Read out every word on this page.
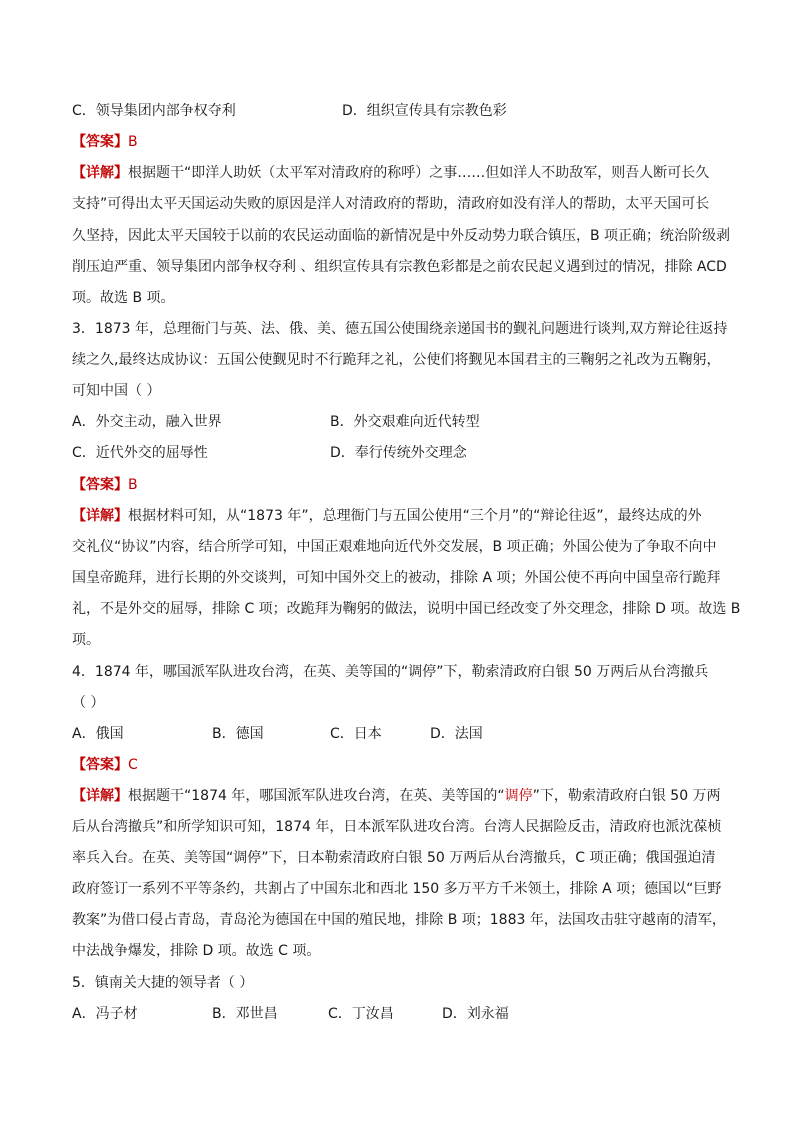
C．领导集团内部争权夺利	D．组织宣传具有宗教色彩
【答案】B
【详解】根据题干“即洋人助妖（太平军对清政府的称呼）之事……但如洋人不助敌军，则吾人断可长久
支持”可得出太平天国运动失败的原因是洋人对清政府的帮助，清政府如没有洋人的帮助，太平天国可长
久坚持，因此太平天国较于以前的农民运动面临的新情况是中外反动势力联合镇压，B 项正确；统治阶级剥
削压迫严重、领导集团内部争权夺利 、组织宣传具有宗教色彩都是之前农民起义遇到过的情况，排除 ACD
项。故选 B 项。
3．1873 年，总理衙门与英、法、俄、美、德五国公使围绕亲递国书的觐礼问题进行谈判,双方辩论往返持
续之久,最终达成协议：五国公使觐见时不行跪拜之礼，公使们将觐见本国君主的三鞠躬之礼改为五鞠躬，
可知中国（ ）
A．外交主动，融入世界	B．外交艰难向近代转型
C．近代外交的屈辱性	D．奉行传统外交理念
【答案】B
【详解】根据材料可知，从“1873 年”，总理衙门与五国公使用“三个月”的“辩论往返”，最终达成的外
交礼仪“协议”内容，结合所学可知，中国正艰难地向近代外交发展，B 项正确；外国公使为了争取不向中
国皇帝跪拜，进行长期的外交谈判，可知中国外交上的被动，排除 A 项；外国公使不再向中国皇帝行跪拜
礼，不是外交的屈辱，排除 C 项；改跪拜为鞠躬的做法，说明中国已经改变了外交理念，排除 D 项。故选 B
项。
4．1874 年，哪国派军队进攻台湾，在英、美等国的“调停”下，勒索清政府白银 50 万两后从台湾撤兵
（ ）
A．俄国	B．德国	C．日本	D．法国
【答案】C
【详解】根据题干“1874 年，哪国派军队进攻台湾，在英、美等国的“调停”下，勒索清政府白银 50 万两
后从台湾撤兵”和所学知识可知，1874 年，日本派军队进攻台湾。台湾人民据险反击，清政府也派沈葆桢
率兵入台。在英、美等国“调停”下，日本勒索清政府白银 50 万两后从台湾撤兵，C 项正确；俄国强迫清
政府签订一系列不平等条约，共割占了中国东北和西北 150 多万平方千米领土，排除 A 项；德国以“巨野
教案”为借口侵占青岛，青岛沦为德国在中国的殖民地，排除 B 项；1883 年，法国攻击驻守越南的清军，
中法战争爆发，排除 D 项。故选 C 项。
5．镇南关大捷的领导者（ ）
A．冯子材	B．邓世昌	C．丁汝昌	D．刘永福
